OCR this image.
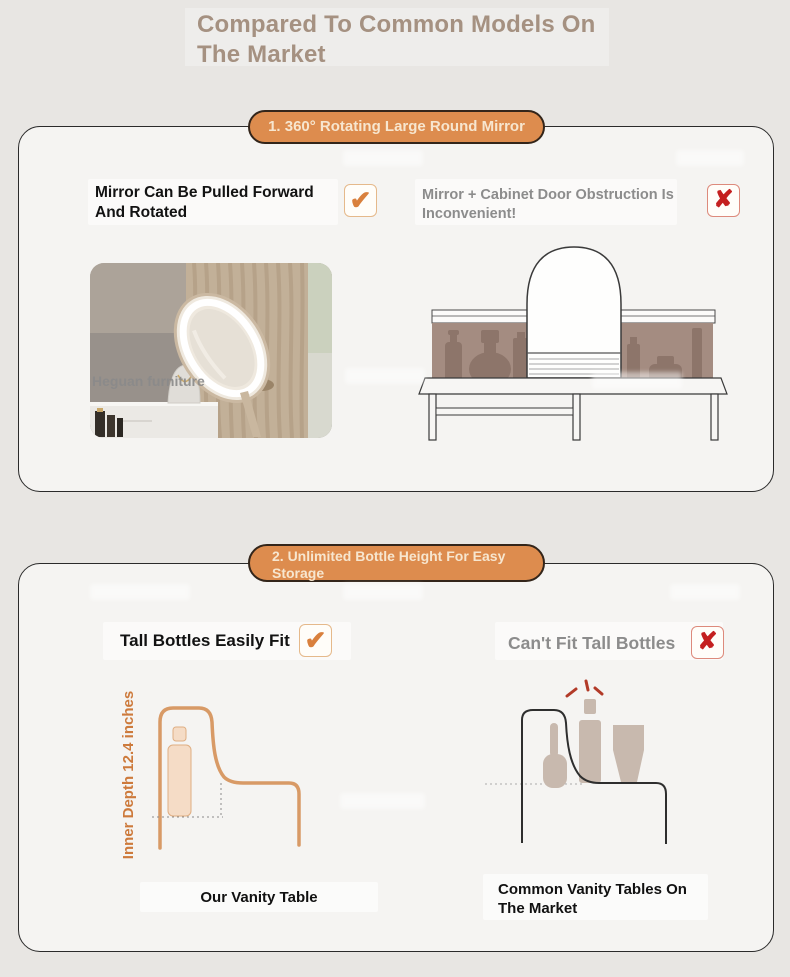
Compared To Common Models On The Market
1. 360° Rotating Large Round Mirror
Mirror Can Be Pulled Forward And Rotated	✔	Mirror + Cabinet Door Obstruction Is Inconvenient!
✘
Heguan furniture
2. Unlimited Bottle Height For Easy Storage
Tall Bottles Easily Fit ✔	Can't Fit Tall Bottles ✘
Inner Depth 12.4 inches
Our Vanity Table	Common Vanity Tables On The Market
